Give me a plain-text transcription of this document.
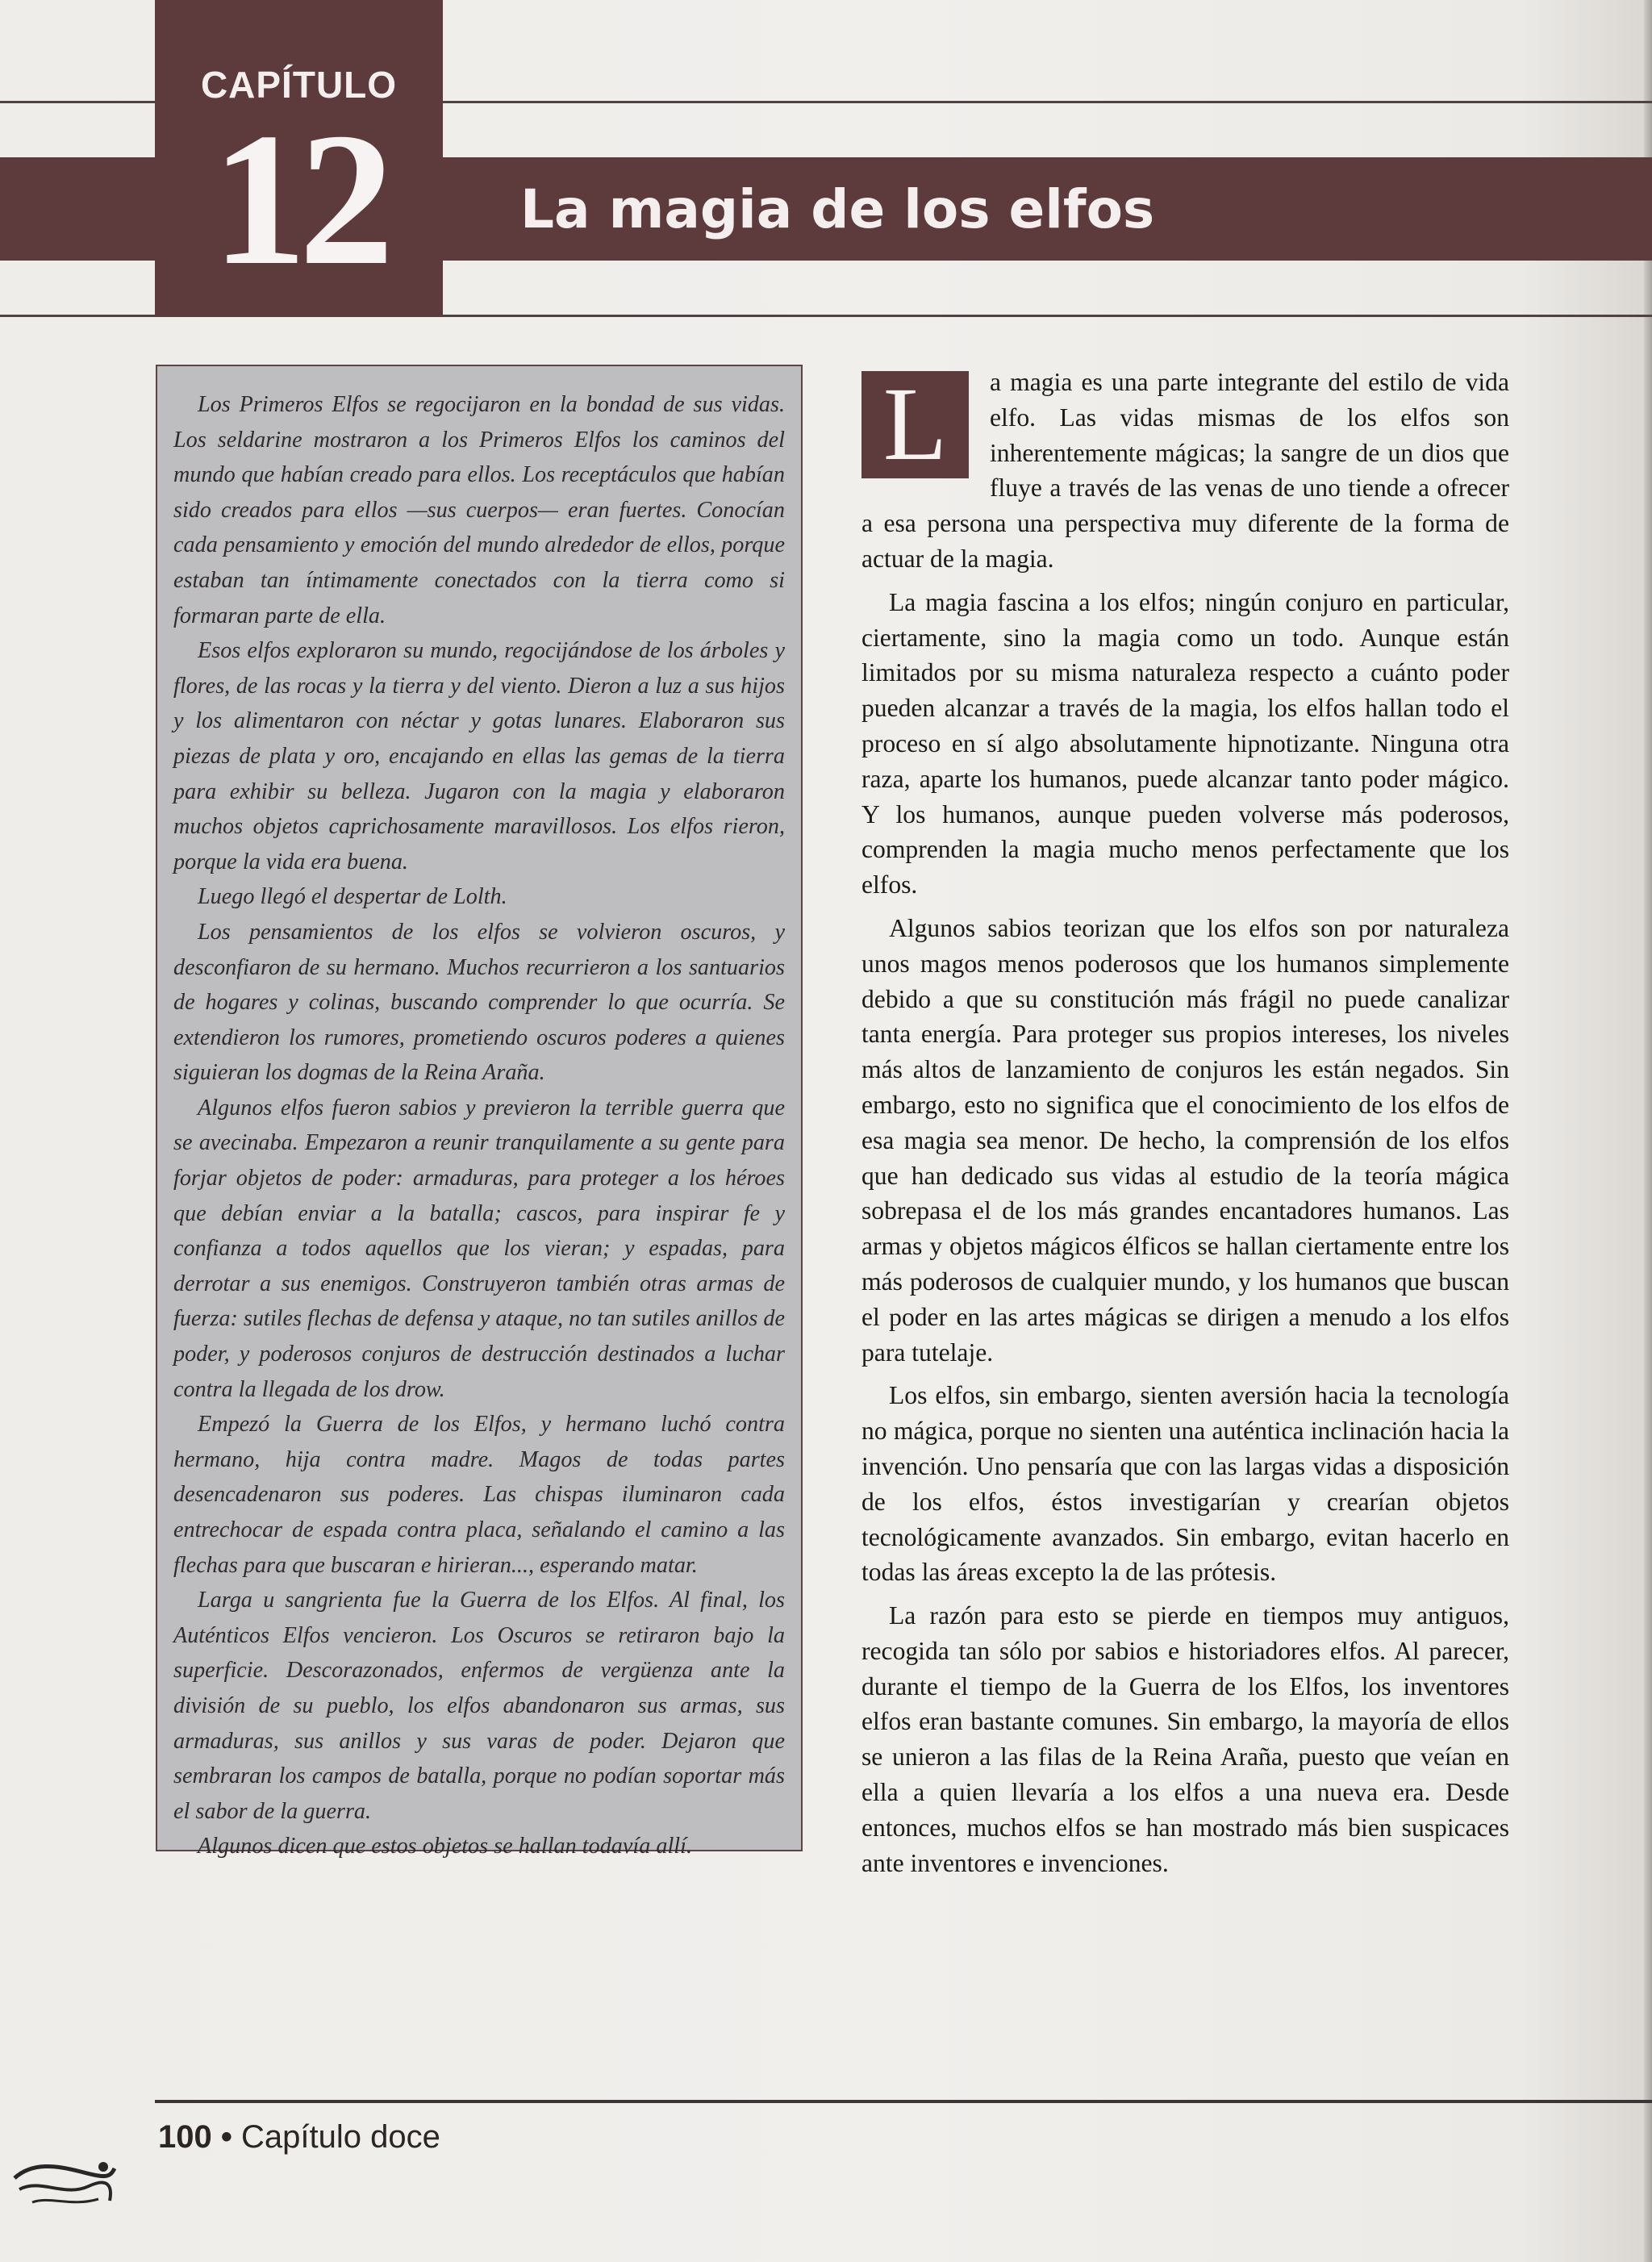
CAPÍTULO
12	La magia de los elfos

Los Primeros Elfos se regocijaron en la bondad de sus vidas. Los seldarine mostraron a los Primeros Elfos los caminos del mundo que habían creado para ellos. Los receptáculos que habían sido creados para ellos —sus cuerpos— eran fuertes. Conocían cada pensamiento y emoción del mundo alrededor de ellos, porque estaban tan íntimamente conectados con la tierra como si formaran parte de ella.

Esos elfos exploraron su mundo, regocijándose de los árboles y flores, de las rocas y la tierra y del viento. Dieron a luz a sus hijos y los alimentaron con néctar y gotas lunares. Elaboraron sus piezas de plata y oro, encajando en ellas las gemas de la tierra para exhibir su belleza. Jugaron con la magia y elaboraron muchos objetos caprichosamente maravillosos. Los elfos rieron, porque la vida era buena.

Luego llegó el despertar de Lolth.

Los pensamientos de los elfos se volvieron oscuros, y desconfiaron de su hermano. Muchos recurrieron a los santuarios de hogares y colinas, buscando comprender lo que ocurría. Se extendieron los rumores, prometiendo oscuros poderes a quienes siguieran los dogmas de la Reina Araña.

Algunos elfos fueron sabios y previeron la terrible guerra que se avecinaba. Empezaron a reunir tranquilamente a su gente para forjar objetos de poder: armaduras, para proteger a los héroes que debían enviar a la batalla; cascos, para inspirar fe y confianza a todos aquellos que los vieran; y espadas, para derrotar a sus enemigos. Construyeron también otras armas de fuerza: sutiles flechas de defensa y ataque, no tan sutiles anillos de poder, y poderosos conjuros de destrucción destinados a luchar contra la llegada de los drow.

Empezó la Guerra de los Elfos, y hermano luchó contra hermano, hija contra madre. Magos de todas partes desencadenaron sus poderes. Las chispas iluminaron cada entrechocar de espada contra placa, señalando el camino a las flechas para que buscaran e hirieran..., esperando matar.

Larga u sangrienta fue la Guerra de los Elfos. Al final, los Auténticos Elfos vencieron. Los Oscuros se retiraron bajo la superficie. Descorazonados, enfermos de vergüenza ante la división de su pueblo, los elfos abandonaron sus armas, sus armaduras, sus anillos y sus varas de poder. Dejaron que sembraran los campos de batalla, porque no podían soportar más el sabor de la guerra.

Algunos dicen que estos objetos se hallan todavía allí.

L	a magia es una parte integrante del estilo de vida elfo. Las vidas mismas de los elfos son inherentemente mágicas; la sangre de un dios que fluye a través de las venas de uno tiende a ofrecer a esa persona una perspectiva muy diferente de la forma de actuar de la magia.

La magia fascina a los elfos; ningún conjuro en particular, ciertamente, sino la magia como un todo. Aunque están limitados por su misma naturaleza respecto a cuánto poder pueden alcanzar a través de la magia, los elfos hallan todo el proceso en sí algo absolutamente hipnotizante. Ninguna otra raza, aparte los humanos, puede alcanzar tanto poder mágico. Y los humanos, aunque pueden volverse más poderosos, comprenden la magia mucho menos perfectamente que los elfos.

Algunos sabios teorizan que los elfos son por naturaleza unos magos menos poderosos que los humanos simplemente debido a que su constitución más frágil no puede canalizar tanta energía. Para proteger sus propios intereses, los niveles más altos de lanzamiento de conjuros les están negados. Sin embargo, esto no significa que el conocimiento de los elfos de esa magia sea menor. De hecho, la comprensión de los elfos que han dedicado sus vidas al estudio de la teoría mágica sobrepasa el de los más grandes encantadores humanos. Las armas y objetos mágicos élficos se hallan ciertamente entre los más poderosos de cualquier mundo, y los humanos que buscan el poder en las artes mágicas se dirigen a menudo a los elfos para tutelaje.

Los elfos, sin embargo, sienten aversión hacia la tecnología no mágica, porque no sienten una auténtica inclinación hacia la invención. Uno pensaría que con las largas vidas a disposición de los elfos, éstos investigarían y crearían objetos tecnológicamente avanzados. Sin embargo, evitan hacerlo en todas las áreas excepto la de las prótesis.

La razón para esto se pierde en tiempos muy antiguos, recogida tan sólo por sabios e historiadores elfos. Al parecer, durante el tiempo de la Guerra de los Elfos, los inventores elfos eran bastante comunes. Sin embargo, la mayoría de ellos se unieron a las filas de la Reina Araña, puesto que veían en ella a quien llevaría a los elfos a una nueva era. Desde entonces, muchos elfos se han mostrado más bien suspicaces ante inventores e invenciones.

100 • Capítulo doce
